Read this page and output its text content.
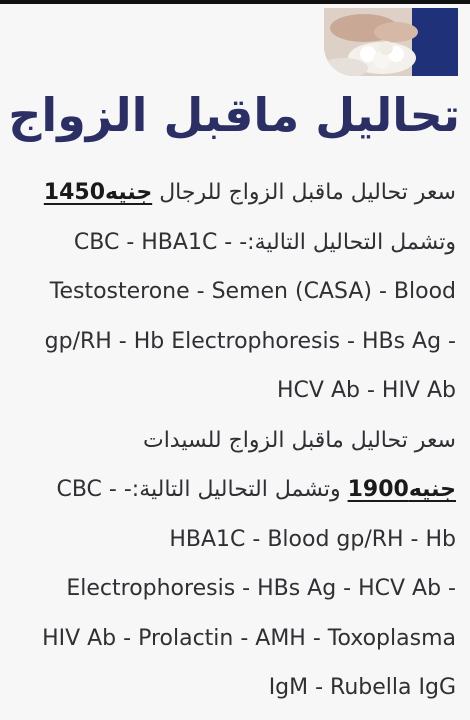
تحاليل ماقبل الزواج
سعر تحاليل ماقبل الزواج للرجال 1450جنيه
وتشمل التحاليل التالية:- CBC - HBA1C -
Testosterone - Semen (CASA) - Blood
gp/RH - Hb Electrophoresis - HBs Ag -
HCV Ab - HIV Ab
سعر تحاليل ماقبل الزواج للسيدات
1900جنيه وتشمل التحاليل التالية:- CBC -
HBA1C - Blood gp/RH - Hb
Electrophoresis - HBs Ag - HCV Ab -
HIV Ab - Prolactin - AMH - Toxoplasma
IgM - Rubella IgG
